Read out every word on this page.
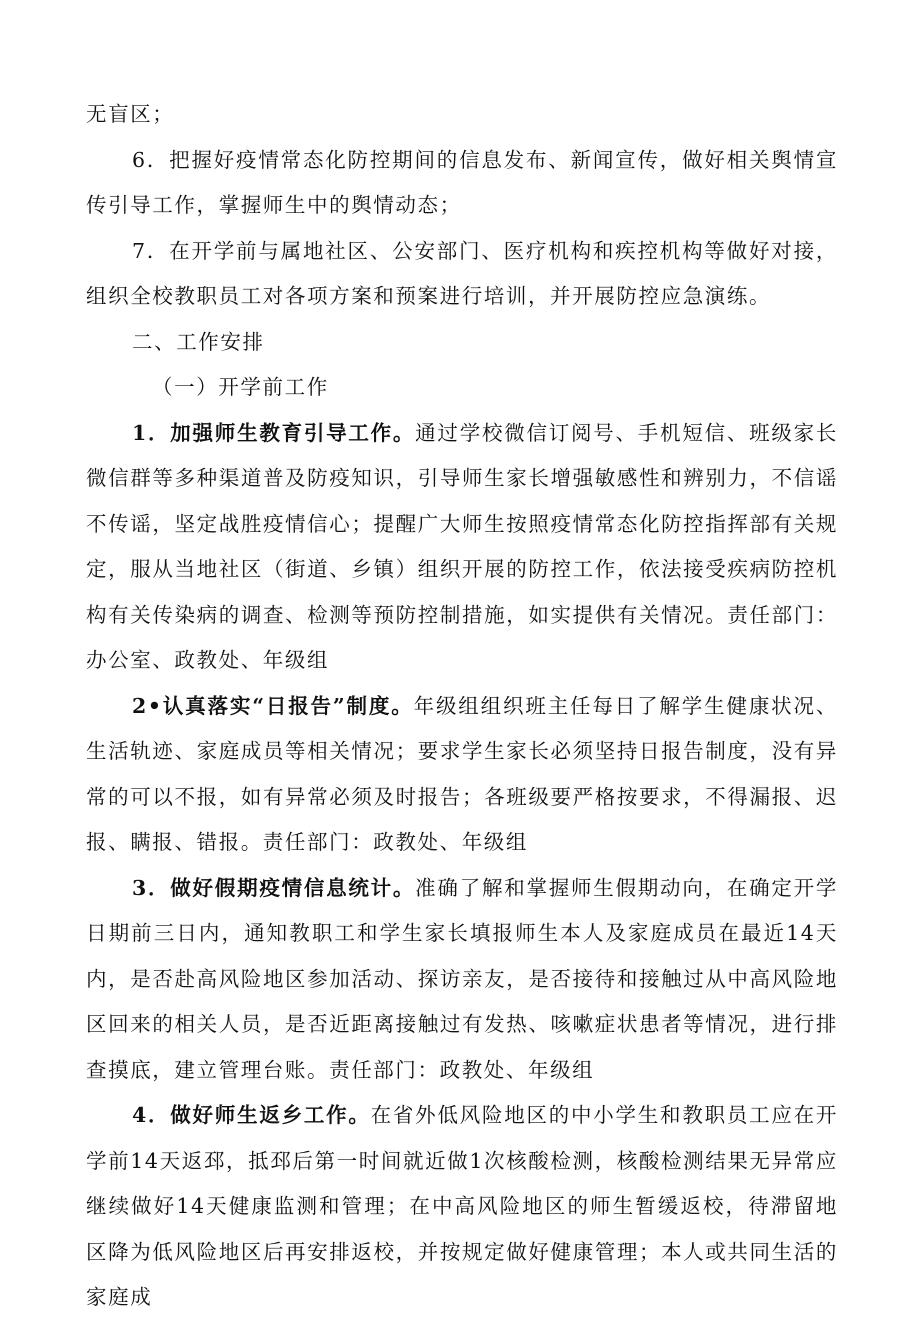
无盲区；

6．把握好疫情常态化防控期间的信息发布、新闻宣传，做好相关舆情宣传引导工作，掌握师生中的舆情动态；

7．在开学前与属地社区、公安部门、医疗机构和疾控机构等做好对接，组织全校教职员工对各项方案和预案进行培训，并开展防控应急演练。

二、工作安排

（一）开学前工作

1．加强师生教育引导工作。通过学校微信订阅号、手机短信、班级家长微信群等多种渠道普及防疫知识，引导师生家长增强敏感性和辨别力，不信谣不传谣，坚定战胜疫情信心；提醒广大师生按照疫情常态化防控指挥部有关规定，服从当地社区（街道、乡镇）组织开展的防控工作，依法接受疾病防控机构有关传染病的调查、检测等预防控制措施，如实提供有关情况。责任部门：办公室、政教处、年级组

2•认真落实“日报告”制度。年级组组织班主任每日了解学生健康状况、生活轨迹、家庭成员等相关情况；要求学生家长必须坚持日报告制度，没有异常的可以不报，如有异常必须及时报告；各班级要严格按要求，不得漏报、迟报、瞒报、错报。责任部门：政教处、年级组

3．做好假期疫情信息统计。准确了解和掌握师生假期动向，在确定开学日期前三日内，通知教职工和学生家长填报师生本人及家庭成员在最近14天内，是否赴高风险地区参加活动、探访亲友，是否接待和接触过从中高风险地区回来的相关人员，是否近距离接触过有发热、咳嗽症状患者等情况，进行排查摸底，建立管理台账。责任部门：政教处、年级组

4．做好师生返乡工作。在省外低风险地区的中小学生和教职员工应在开学前14天返邳，抵邳后第一时间就近做1次核酸检测，核酸检测结果无异常应继续做好14天健康监测和管理；在中高风险地区的师生暂缓返校，待滞留地区降为低风险地区后再安排返校，并按规定做好健康管理；本人或共同生活的家庭成
